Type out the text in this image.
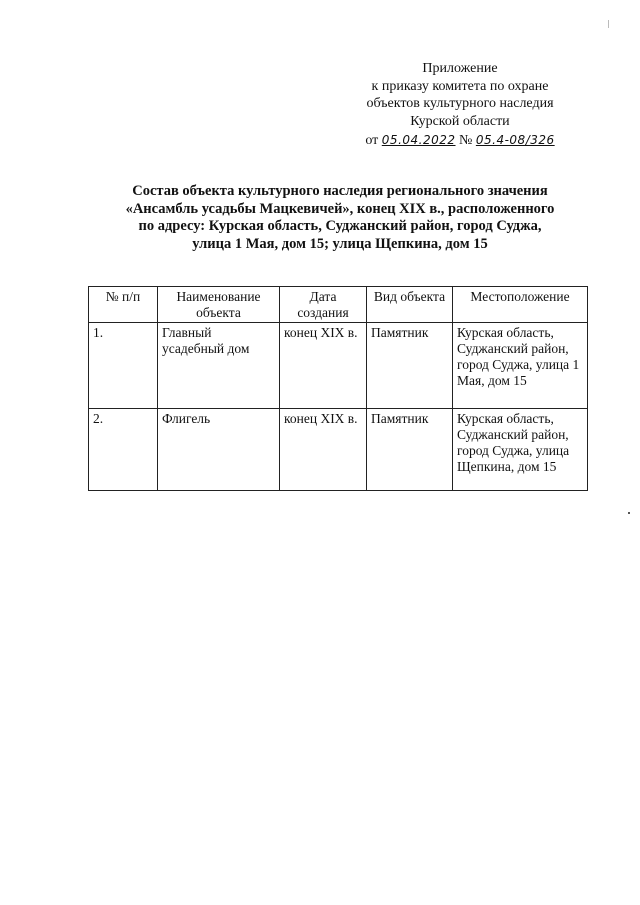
Приложение
к приказу комитета по охране
объектов культурного наследия
Курской области
от 05.04.2022 № 05.4-08/326
Состав объекта культурного наследия регионального значения
«Ансамбль усадьбы Мацкевичей», конец XIX в., расположенного
по адресу: Курская область, Суджанский район, город Суджа,
улица 1 Мая, дом 15; улица Щепкина, дом 15
№ п/п	Наименование объекта	Дата создания	Вид объекта	Местоположение
1.	Главный усадебный дом	конец XIX в.	Памятник	Курская область, Суджанский район, город Суджа, улица 1 Мая, дом 15
2.	Флигель	конец XIX в.	Памятник	Курская область, Суджанский район, город Суджа, улица Щепкина, дом 15
